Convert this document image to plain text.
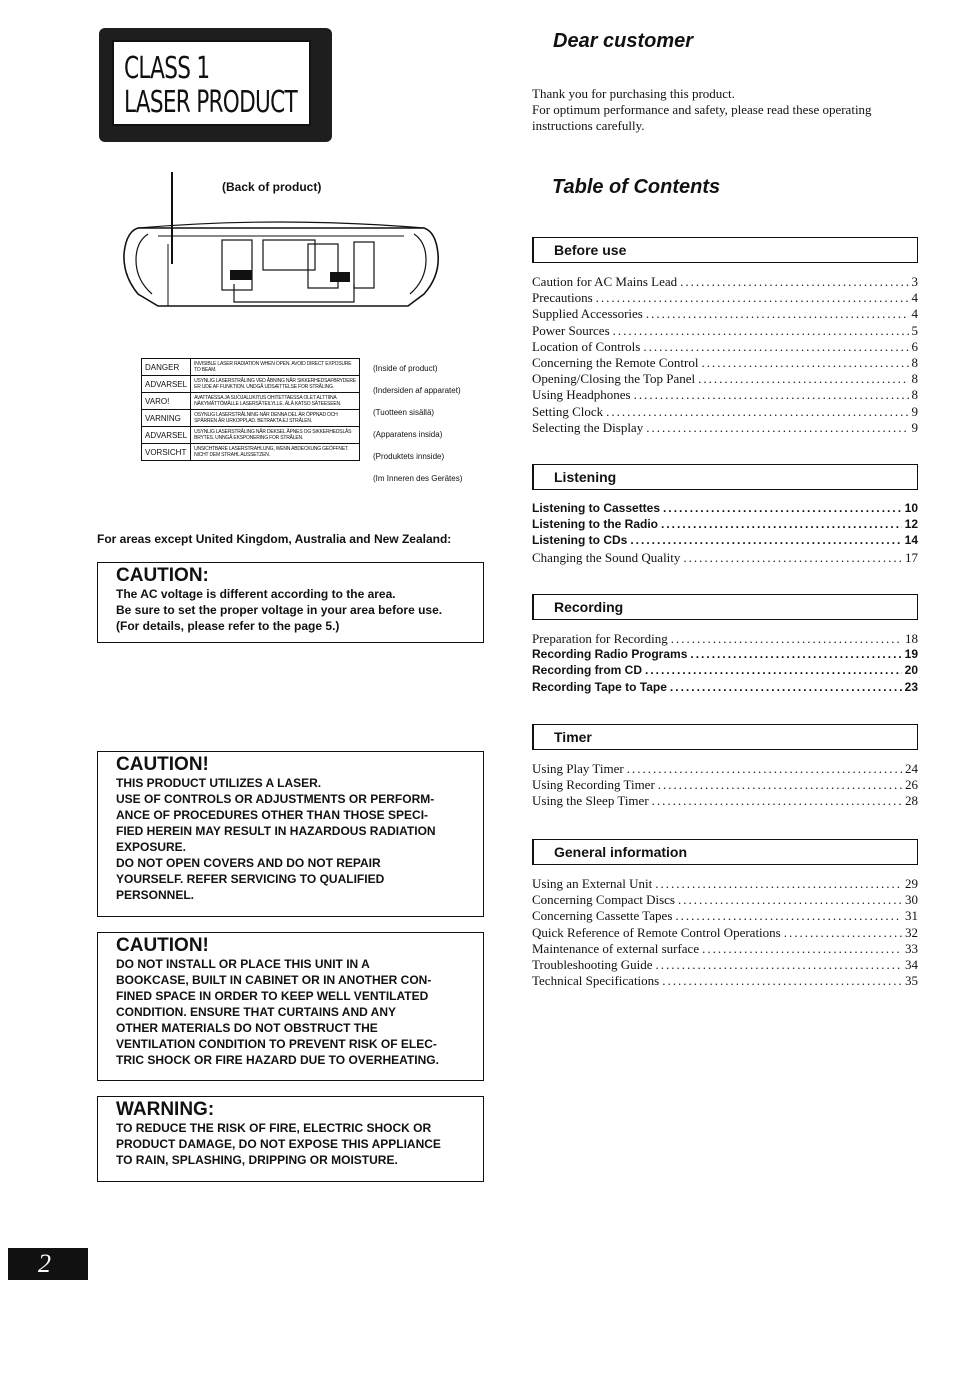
CLASS 1
LASER PRODUCT
(Back of product)
DANGER	INVISIBLE LASER RADIATION WHEN OPEN. AVOID DIRECT EXPOSURE TO BEAM.
ADVARSEL	USYNLIG LASERSTRÅLING VED ÅBNING NÅR SIKKERHEDSAFBRYDERE ER UDE AF FUNKTION. UNDGÅ UDSÆTTELSE FOR STRÅLING.
VARO!	AVATTAESSA JA SUOJALUKITUS OHITETTAESSA OLET ALTTIINA NÄKYMÄTTÖMÄLLE LASERSÄTEILYLLE. ÄLÄ KATSO SÄTEESEEN.
VARNING	OSYNLIG LASERSTRÅLNING NÄR DENNA DEL ÄR ÖPPNAD OCH SPÄRREN ÄR URKOPPLAD. BETRAKTA EJ STRÅLEN.
ADVARSEL	USYNLIG LASERSTRÅLING NÅR DEKSEL ÅPNES OG SIKKERHEDSLÅS BRYTES. UNNGÅ EKSPONERING FOR STRÅLEN.
VORSICHT	UNSICHTBARE LASERSTRAHLUNG, WENN ABDECKUNG GEÖFFNET. NICHT DEM STRAHL AUSSETZEN.
(Inside of product)
(Indersiden af apparatet)
(Tuotteen sisällä)
(Apparatens insida)
(Produktets innside)
(Im Inneren des Gerätes)
For areas except United Kingdom, Australia and New Zealand:
CAUTION:
The AC voltage is different according to the area.
Be sure to set the proper voltage in your area before use.
(For details, please refer to the page 5.)
CAUTION!
THIS PRODUCT UTILIZES A LASER.
USE OF CONTROLS OR ADJUSTMENTS OR PERFORM-
ANCE OF PROCEDURES OTHER THAN THOSE SPECI-
FIED HEREIN MAY RESULT IN HAZARDOUS RADIATION
EXPOSURE.
DO NOT OPEN COVERS AND DO NOT REPAIR
YOURSELF. REFER SERVICING TO QUALIFIED
PERSONNEL.
CAUTION!
DO NOT INSTALL OR PLACE THIS UNIT IN A
BOOKCASE, BUILT IN CABINET OR IN ANOTHER CON-
FINED SPACE IN ORDER TO KEEP WELL VENTILATED
CONDITION. ENSURE THAT CURTAINS AND ANY
OTHER MATERIALS DO NOT OBSTRUCT THE
VENTILATION CONDITION TO PREVENT RISK OF ELEC-
TRIC SHOCK OR FIRE HAZARD DUE TO OVERHEATING.
WARNING:
TO REDUCE THE RISK OF FIRE, ELECTRIC SHOCK OR
PRODUCT DAMAGE, DO NOT EXPOSE THIS APPLIANCE
TO RAIN, SPLASHING, DRIPPING OR MOISTURE.
2
Dear customer
Thank you for purchasing this product.
For optimum performance and safety, please read these operating
instructions carefully.
Table of Contents
Before use
Caution for AC Mains Lead .....	3
Precautions .....	4
Supplied Accessories .....	4
Power Sources .....	5
Location of Controls .....	6
Concerning the Remote Control .....	8
Opening/Closing the Top Panel .....	8
Using Headphones .....	8
Setting Clock .....	9
Selecting the Display .....	9
Listening
Listening to Cassettes .....	10
Listening to the Radio .....	12
Listening to CDs .....	14
Changing the Sound Quality .....	17
Recording
Preparation for Recording .....	18
Recording Radio Programs .....	19
Recording from CD .....	20
Recording Tape to Tape .....	23
Timer
Using Play Timer .....	24
Using Recording Timer .....	26
Using the Sleep Timer .....	28
General information
Using an External Unit .....	29
Concerning Compact Discs .....	30
Concerning Cassette Tapes .....	31
Quick Reference of Remote Control Operations .....	32
Maintenance of external surface .....	33
Troubleshooting Guide .....	34
Technical Specifications .....	35
